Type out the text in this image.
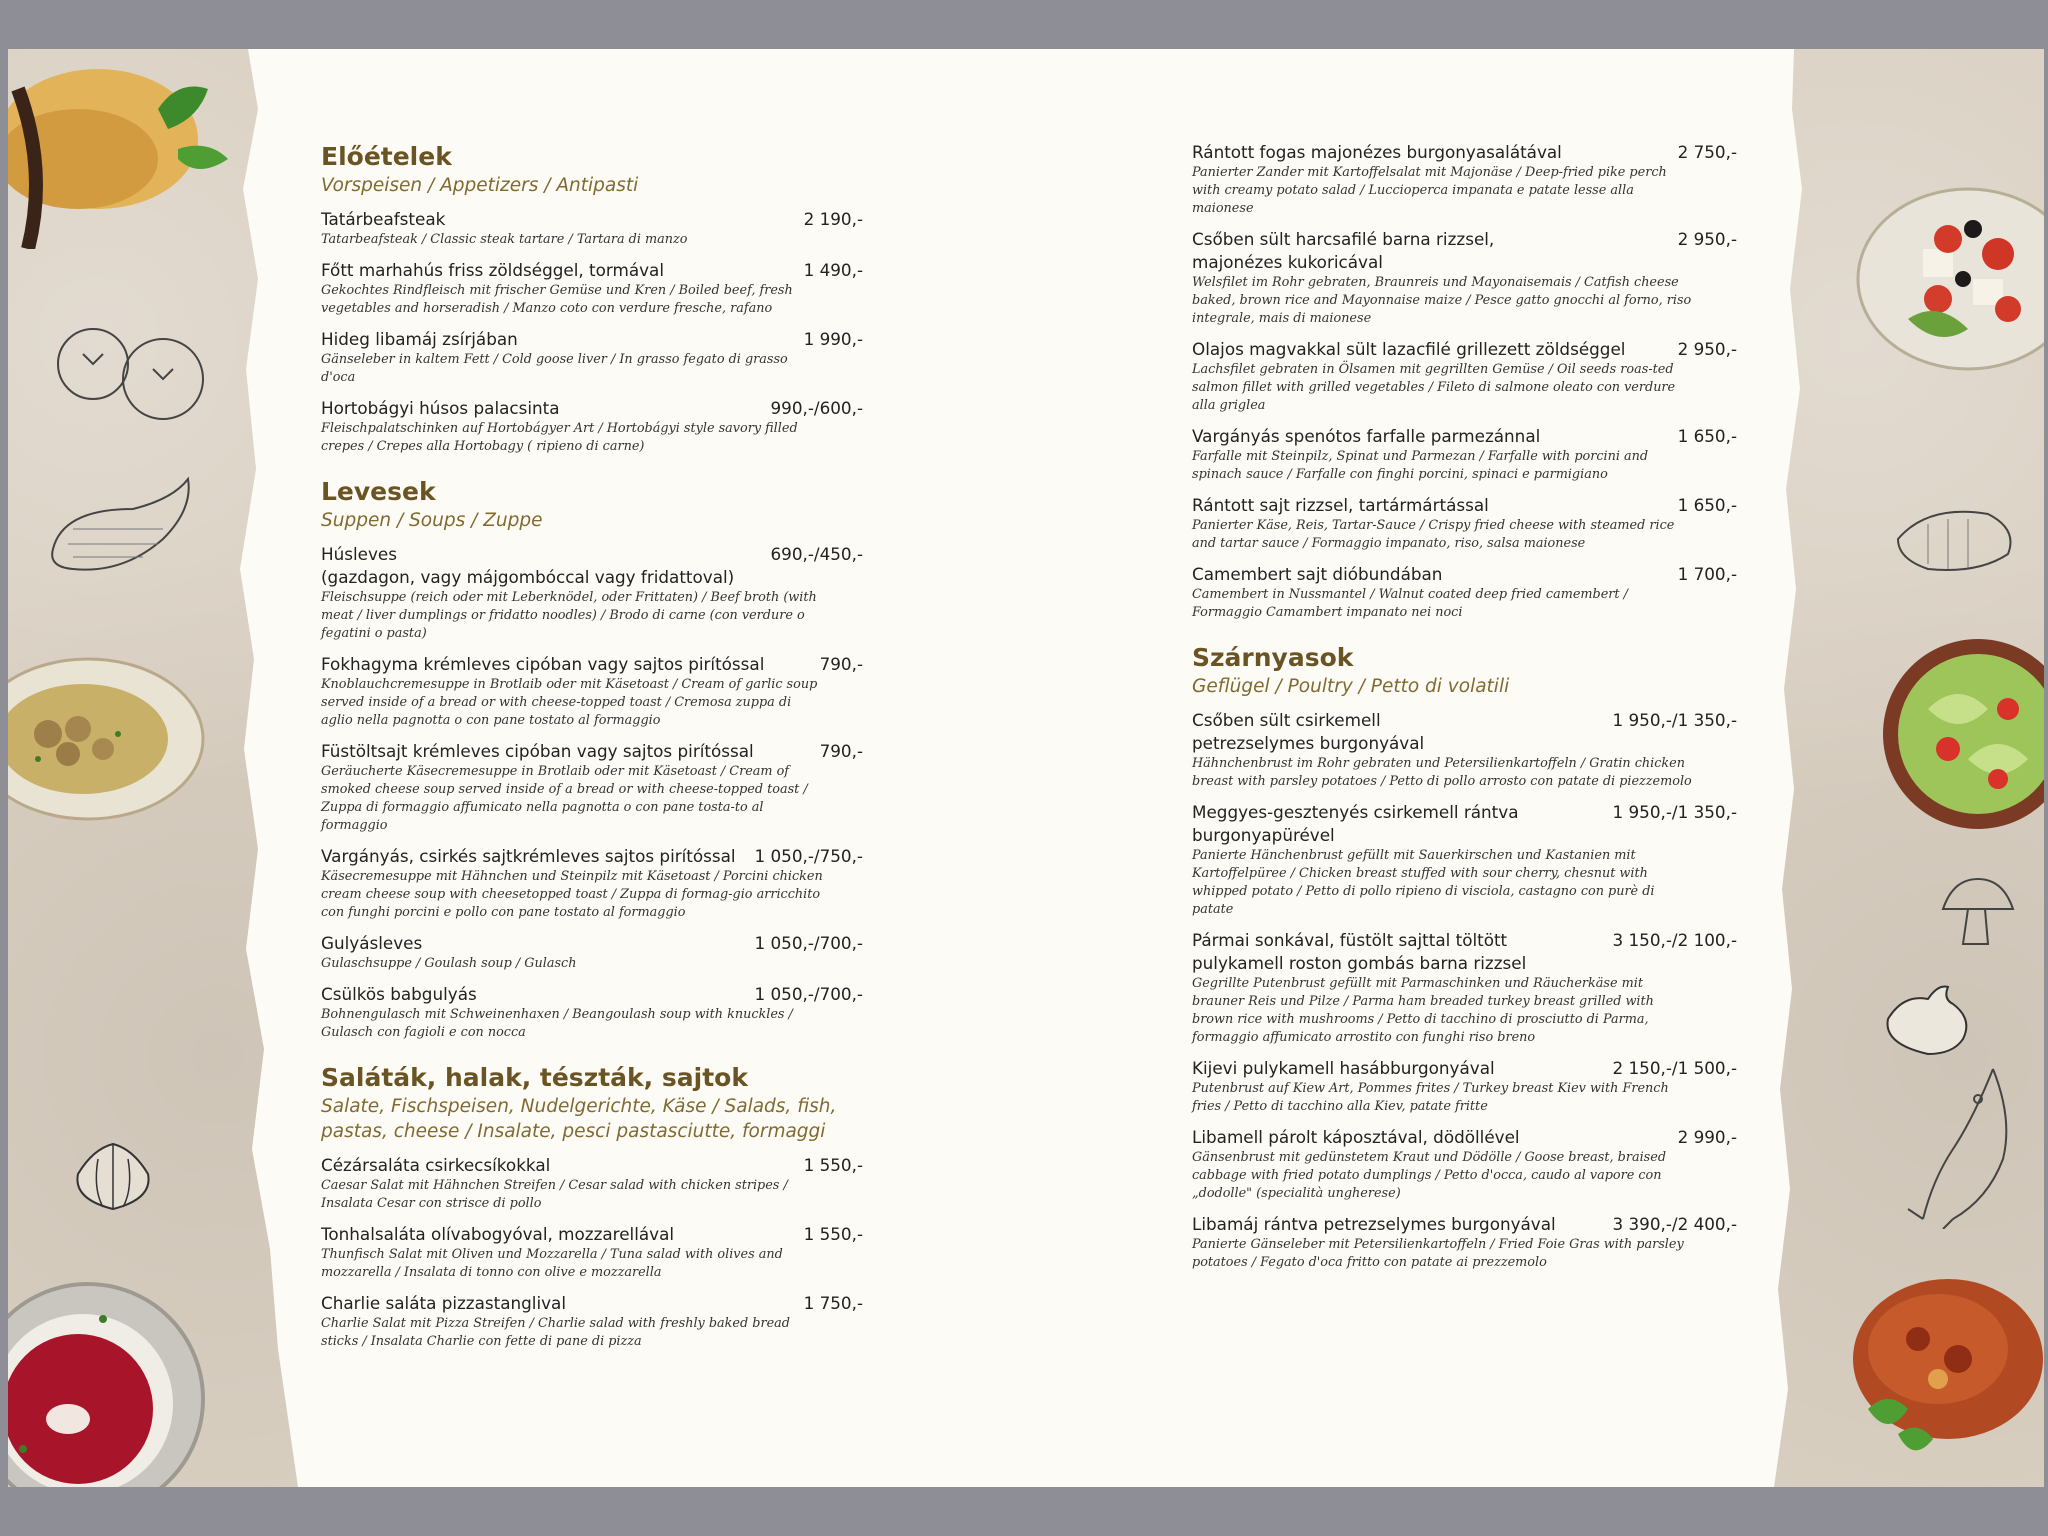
Előételek

Vorspeisen / Appetizers / Antipasti

Tatárbeafsteak	2 190,-

Tatarbeafsteak / Classic steak tartare / Tartara di manzo

Főtt marhahús friss zöldséggel, tormával	1 490,-

Gekochtes Rindfleisch mit frischer Gemüse und Kren / Boiled beef, fresh vegetables and horseradish / Manzo coto con verdure fresche, rafano

Hideg libamáj zsírjában	1 990,-

Gänseleber in kaltem Fett / Cold goose liver / In grasso fegato di grasso d'oca

Hortobágyi húsos palacsinta	990,-/600,-

Fleischpalatschinken auf Hortobágyer Art / Hortobágyi style savory filled crepes / Crepes alla Hortobagy ( ripieno di carne)

Levesek

Suppen / Soups / Zuppe

Húsleves
(gazdagon, vagy májgombóccal vagy fridattoval)
690,-/450,-

Fleischsuppe (reich oder mit Leberknödel, oder Frittaten) / Beef broth (with meat / liver dumplings or fridatto noodles) / Brodo di carne (con verdure o fegatini o pasta)

Fokhagyma krémleves cipóban vagy sajtos pirítóssal	790,-

Knoblauchcremesuppe in Brotlaib oder mit Käsetoast / Cream of garlic soup served inside of a bread or with cheese-topped toast / Cremosa zuppa di aglio nella pagnotta o con pane tostato al formaggio

Füstöltsajt krémleves cipóban vagy sajtos pirítóssal	790,-

Geräucherte Käsecremesuppe in Brotlaib oder mit Käsetoast / Cream of smoked cheese soup served inside of a bread or with cheese-topped toast / Zuppa di formaggio affumicato nella pagnotta o con pane tosta-to al formaggio

Vargányás, csirkés sajtkrémleves sajtos pirítóssal	1 050,-/750,-

Käsecremesuppe mit Hähnchen und Steinpilz mit Käsetoast / Porcini chicken cream cheese soup with cheesetopped toast / Zuppa di formag-gio arricchito con funghi porcini e pollo con pane tostato al formaggio

Gulyásleves	1 050,-/700,-

Gulaschsuppe / Goulash soup / Gulasch

Csülkös babgulyás	1 050,-/700,-

Bohnengulasch mit Schweinenhaxen / Beangoulash soup with knuckles / Gulasch con fagioli e con nocca

Saláták, halak, tészták, sajtok

Salate, Fischspeisen, Nudelgerichte, Käse / Salads, fish, pastas, cheese / Insalate, pesci pastasciutte, formaggi

Cézársaláta csirkecsíkokkal	1 550,-

Caesar Salat mit Hähnchen Streifen / Cesar salad with chicken stripes / Insalata Cesar con strisce di pollo

Tonhalsaláta olívabogyóval, mozzarellával	1 550,-

Thunfisch Salat mit Oliven und Mozzarella / Tuna salad with olives and mozzarella / Insalata di tonno con olive e mozzarella

Charlie saláta pizzastanglival	1 750,-

Charlie Salat mit Pizza Streifen / Charlie salad with freshly baked bread sticks / Insalata Charlie con fette di pane di pizza

Rántott fogas majonézes burgonyasalátával	2 750,-

Panierter Zander mit Kartoffelsalat mit Majonäse / Deep-fried pike perch with creamy potato salad / Luccioperca impanata e patate lesse alla maionese

Csőben sült harcsafilé barna rizzsel,
majonézes kukoricával
2 950,-

Welsfilet im Rohr gebraten, Braunreis und Mayonaisemais / Catfish cheese baked, brown rice and Mayonnaise maize / Pesce gatto gnocchi al forno, riso integrale, mais di maionese

Olajos magvakkal sült lazacfilé grillezett zöldséggel	2 950,-

Lachsfilet gebraten in Ölsamen mit gegrillten Gemüse / Oil seeds roas-ted salmon fillet with grilled vegetables / Fileto di salmone oleato con verdure alla griglea

Vargányás spenótos farfalle parmezánnal	1 650,-

Farfalle mit Steinpilz, Spinat und Parmezan / Farfalle with porcini and spinach sauce / Farfalle con finghi porcini, spinaci e parmigiano

Rántott sajt rizzsel, tartármártással	1 650,-

Panierter Käse, Reis, Tartar-Sauce / Crispy fried cheese with steamed rice and tartar sauce / Formaggio impanato, riso, salsa maionese

Camembert sajt dióbundában	1 700,-

Camembert in Nussmantel / Walnut coated deep fried camembert / Formaggio Camambert impanato nei noci

Szárnyasok

Geflügel / Poultry / Petto di volatili

Csőben sült csirkemell
petrezselymes burgonyával
1 950,-/1 350,-

Hähnchenbrust im Rohr gebraten und Petersilienkartoffeln / Gratin chicken breast with parsley potatoes / Petto di pollo arrosto con patate di piezzemolo

Meggyes-gesztenyés csirkemell rántva
burgonyapürével
1 950,-/1 350,-

Panierte Hänchenbrust gefüllt mit Sauerkirschen und Kastanien mit Kartoffelpüree / Chicken breast stuffed with sour cherry, chesnut with whipped potato / Petto di pollo ripieno di visciola, castagno con purè di patate

Pármai sonkával, füstölt sajttal töltött
pulykamell roston gombás barna rizzsel
3 150,-/2 100,-

Gegrillte Putenbrust gefüllt mit Parmaschinken und Räucherkäse mit brauner Reis und Pilze / Parma ham breaded turkey breast grilled with brown rice with mushrooms / Petto di tacchino di prosciutto di Parma, formaggio affumicato arrostito con funghi riso breno

Kijevi pulykamell hasábburgonyával	2 150,-/1 500,-

Putenbrust auf Kiew Art, Pommes frites / Turkey breast Kiev with French fries / Petto di tacchino alla Kiev, patate fritte

Libamell párolt káposztával, dödöllével	2 990,-

Gänsenbrust mit gedünstetem Kraut und Dödölle / Goose breast, braised cabbage with fried potato dumplings / Petto d'occa, caudo al vapore con „dodolle" (specialità ungherese)

Libamáj rántva petrezselymes burgonyával	3 390,-/2 400,-

Panierte Gänseleber mit Petersilienkartoffeln / Fried Foie Gras with parsley potatoes / Fegato d'oca fritto con patate ai prezzemolo
